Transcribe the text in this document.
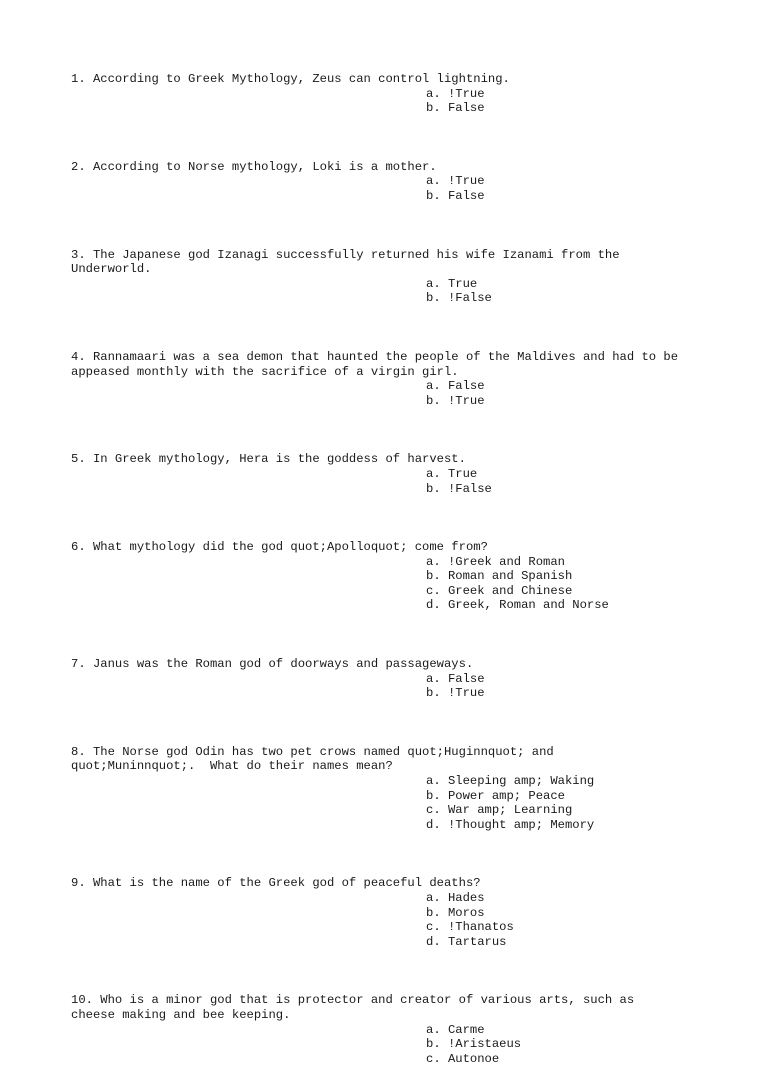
1. According to Greek Mythology, Zeus can control lightning.
a. !True
b. False
2. According to Norse mythology, Loki is a mother.
a. !True
b. False
3. The Japanese god Izanagi successfully returned his wife Izanami from the
Underworld.
a. True
b. !False
4. Rannamaari was a sea demon that haunted the people of the Maldives and had to be
appeased monthly with the sacrifice of a virgin girl.
a. False
b. !True
5. In Greek mythology, Hera is the goddess of harvest.
a. True
b. !False
6. What mythology did the god quot;Apolloquot; come from?
a. !Greek and Roman
b. Roman and Spanish
c. Greek and Chinese
d. Greek, Roman and Norse
7. Janus was the Roman god of doorways and passageways.
a. False
b. !True
8. The Norse god Odin has two pet crows named quot;Huginnquot; and
quot;Muninnquot;.  What do their names mean?
a. Sleeping amp; Waking
b. Power amp; Peace
c. War amp; Learning
d. !Thought amp; Memory
9. What is the name of the Greek god of peaceful deaths?
a. Hades
b. Moros
c. !Thanatos
d. Tartarus
10. Who is a minor god that is protector and creator of various arts, such as
cheese making and bee keeping.
a. Carme
b. !Aristaeus
c. Autonoe
